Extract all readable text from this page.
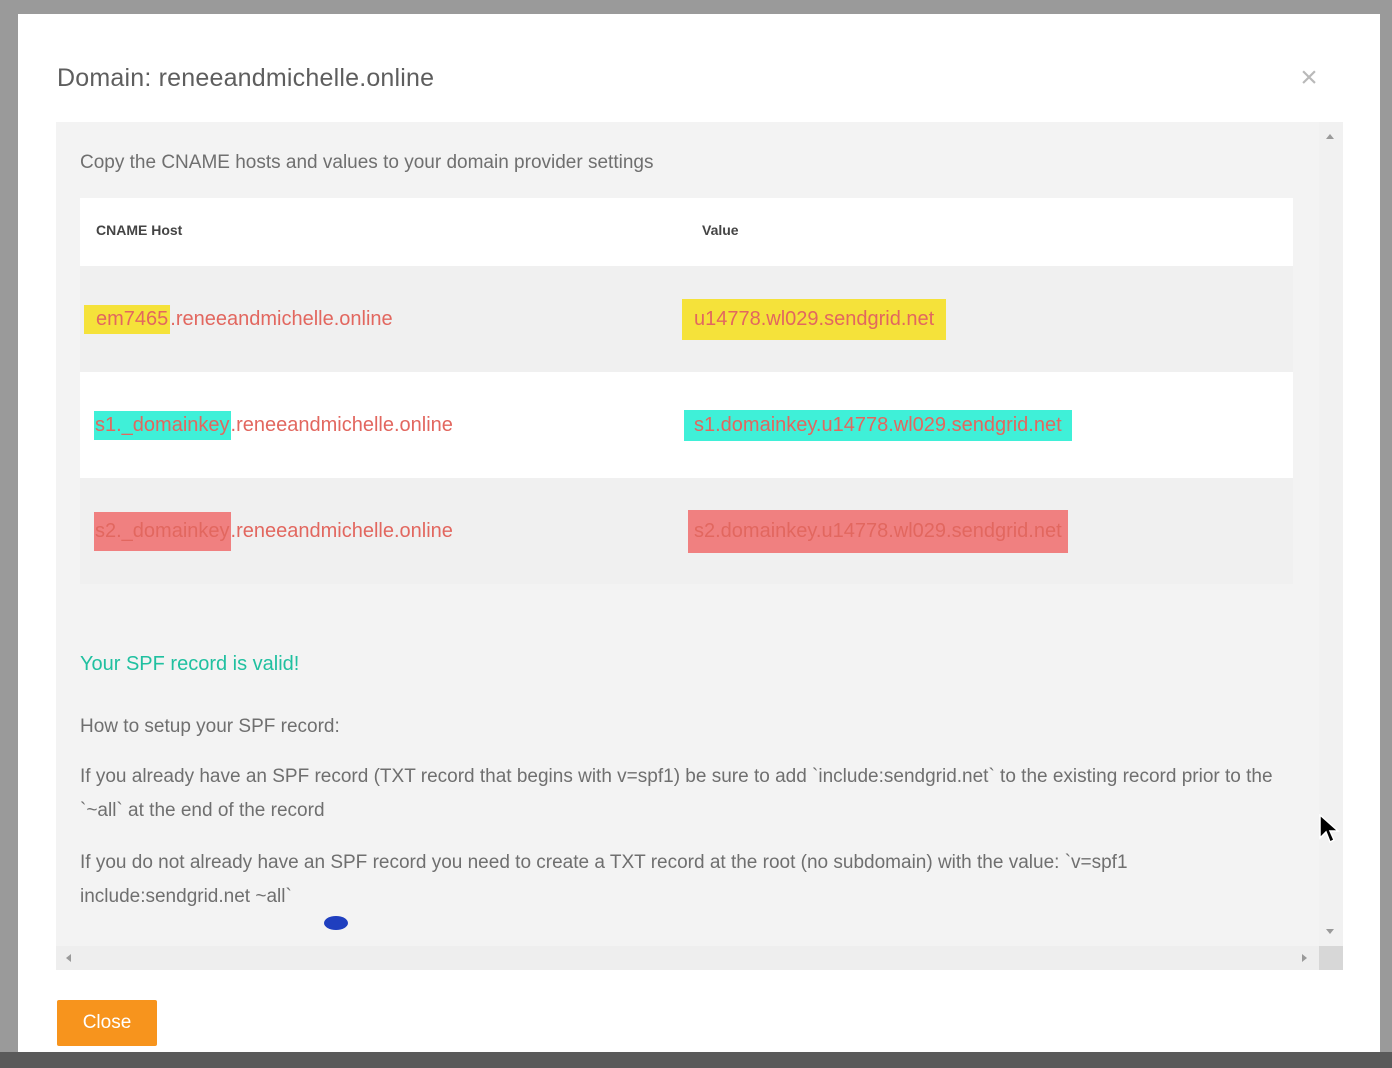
Domain: reneeandmichelle.online	×
Copy the CNAME hosts and values to your domain provider settings
CNAME Host	Value
em7465 .reneeandmichelle.online	u14778.wl029.sendgrid.net
s1._domainkey .reneeandmichelle.online	s1.domainkey.u14778.wl029.sendgrid.net
s2._domainkey .reneeandmichelle.online	s2.domainkey.u14778.wl029.sendgrid.net
Your SPF record is valid!
How to setup your SPF record:
If you already have an SPF record (TXT record that begins with v=spf1) be sure to add `include:sendgrid.net` to the existing record prior to the `~all` at the end of the record
If you do not already have an SPF record you need to create a TXT record at the root (no subdomain) with the value: `v=spf1 include:sendgrid.net ~all`
Close
